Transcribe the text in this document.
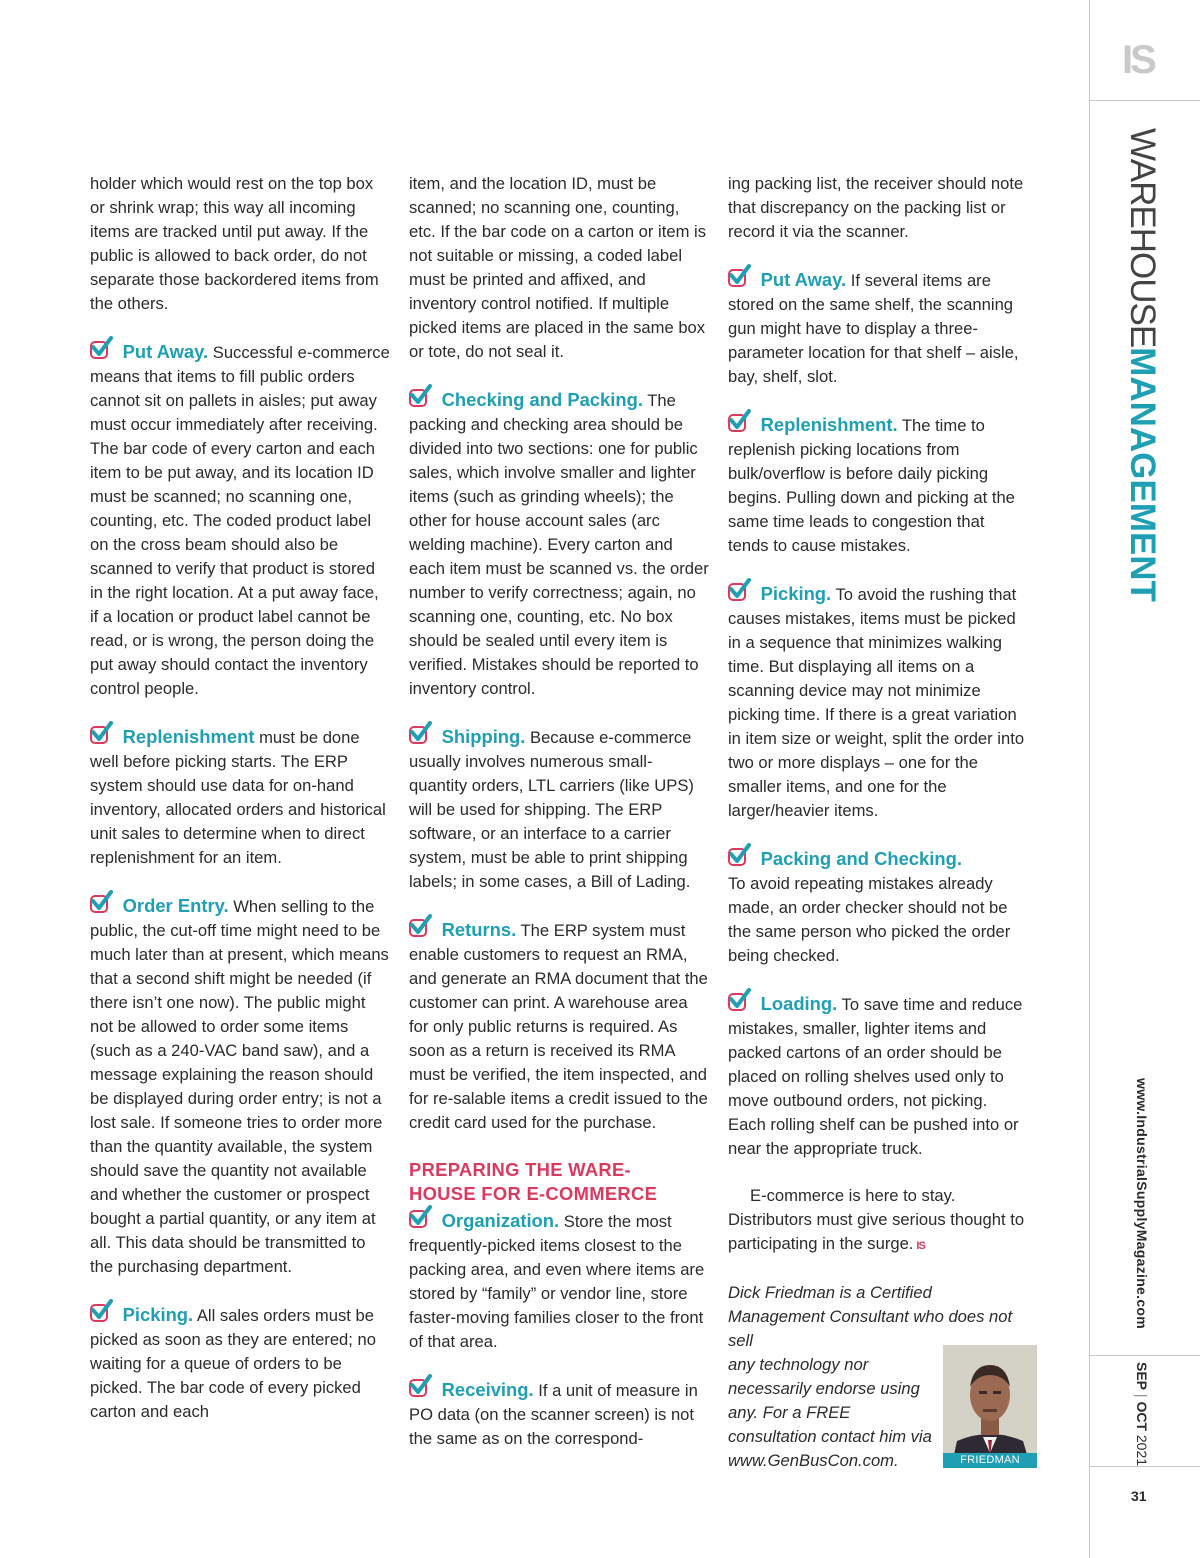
holder which would rest on the top box or shrink wrap; this way all incoming items are tracked until put away. If the public is allowed to back order, do not separate those backordered items from the others.

Put Away. Successful e-commerce means that items to fill public orders cannot sit on pallets in aisles; put away must occur immediately after receiving. The bar code of every carton and each item to be put away, and its location ID must be scanned; no scanning one, counting, etc. The coded product label on the cross beam should also be scanned to verify that product is stored in the right location. At a put away face, if a location or product label cannot be read, or is wrong, the person doing the put away should contact the inventory control people.

Replenishment must be done well before picking starts. The ERP system should use data for on-hand inventory, allocated orders and historical unit sales to determine when to direct replenishment for an item.

Order Entry. When selling to the public, the cut-off time might need to be much later than at present, which means that a second shift might be needed (if there isn’t one now). The public might not be allowed to order some items (such as a 240-VAC band saw), and a message explaining the reason should be displayed during order entry; is not a lost sale. If someone tries to order more than the quantity available, the system should save the quantity not available and whether the customer or prospect bought a partial quantity, or any item at all. This data should be transmitted to the purchasing department.

Picking. All sales orders must be picked as soon as they are entered; no waiting for a queue of orders to be picked. The bar code of every picked carton and each

item, and the location ID, must be scanned; no scanning one, counting, etc. If the bar code on a carton or item is not suitable or missing, a coded label must be printed and affixed, and inventory control notified. If multiple picked items are placed in the same box or tote, do not seal it.

Checking and Packing. The packing and checking area should be divided into two sections: one for public sales, which involve smaller and lighter items (such as grinding wheels); the other for house account sales (arc welding machine). Every carton and each item must be scanned vs. the order number to verify correctness; again, no scanning one, counting, etc. No box should be sealed until every item is verified. Mistakes should be reported to inventory control.

Shipping. Because e-commerce usually involves numerous small-quantity orders, LTL carriers (like UPS) will be used for shipping. The ERP software, or an interface to a carrier system, must be able to print shipping labels; in some cases, a Bill of Lading.

Returns. The ERP system must enable customers to request an RMA, and generate an RMA document that the customer can print. A warehouse area for only public returns is required. As soon as a return is received its RMA must be verified, the item inspected, and for re-salable items a credit issued to the credit card used for the purchase.

PREPARING THE WARE-
HOUSE FOR E-COMMERCE

Organization. Store the most frequently-picked items closest to the packing area, and even where items are stored by “family” or vendor line, store faster-moving families closer to the front of that area.

Receiving. If a unit of measure in PO data (on the scanner screen) is not the same as on the correspond-

ing packing list, the receiver should note that discrepancy on the packing list or record it via the scanner.

Put Away. If several items are stored on the same shelf, the scanning gun might have to display a three-parameter location for that shelf – aisle, bay, shelf, slot.

Replenishment. The time to replenish picking locations from bulk/overflow is before daily picking begins. Pulling down and picking at the same time leads to congestion that tends to cause mistakes.

Picking. To avoid the rushing that causes mistakes, items must be picked in a sequence that minimizes walking time. But displaying all items on a scanning device may not minimize picking time. If there is a great variation in item size or weight, split the order into two or more displays – one for the smaller items, and one for the larger/heavier items.

Packing and Checking.
To avoid repeating mistakes already made, an order checker should not be the same person who picked the order being checked.

Loading. To save time and reduce mistakes, smaller, lighter items and packed cartons of an order should be placed on rolling shelves used only to move outbound orders, not picking. Each rolling shelf can be pushed into or near the appropriate truck.

E-commerce is here to stay. Distributors must give serious thought to participating in the surge. IS

Dick Friedman is a Certified Management Consultant who does not sell
any technology nor necessarily endorse using any. For a FREE consultation contact him via www.GenBusCon.com.	FRIEDMAN
IS
WAREHOUSEMANAGEMENT
www.IndustrialSupplyMagazine.com
SEP | OCT 2021
31
